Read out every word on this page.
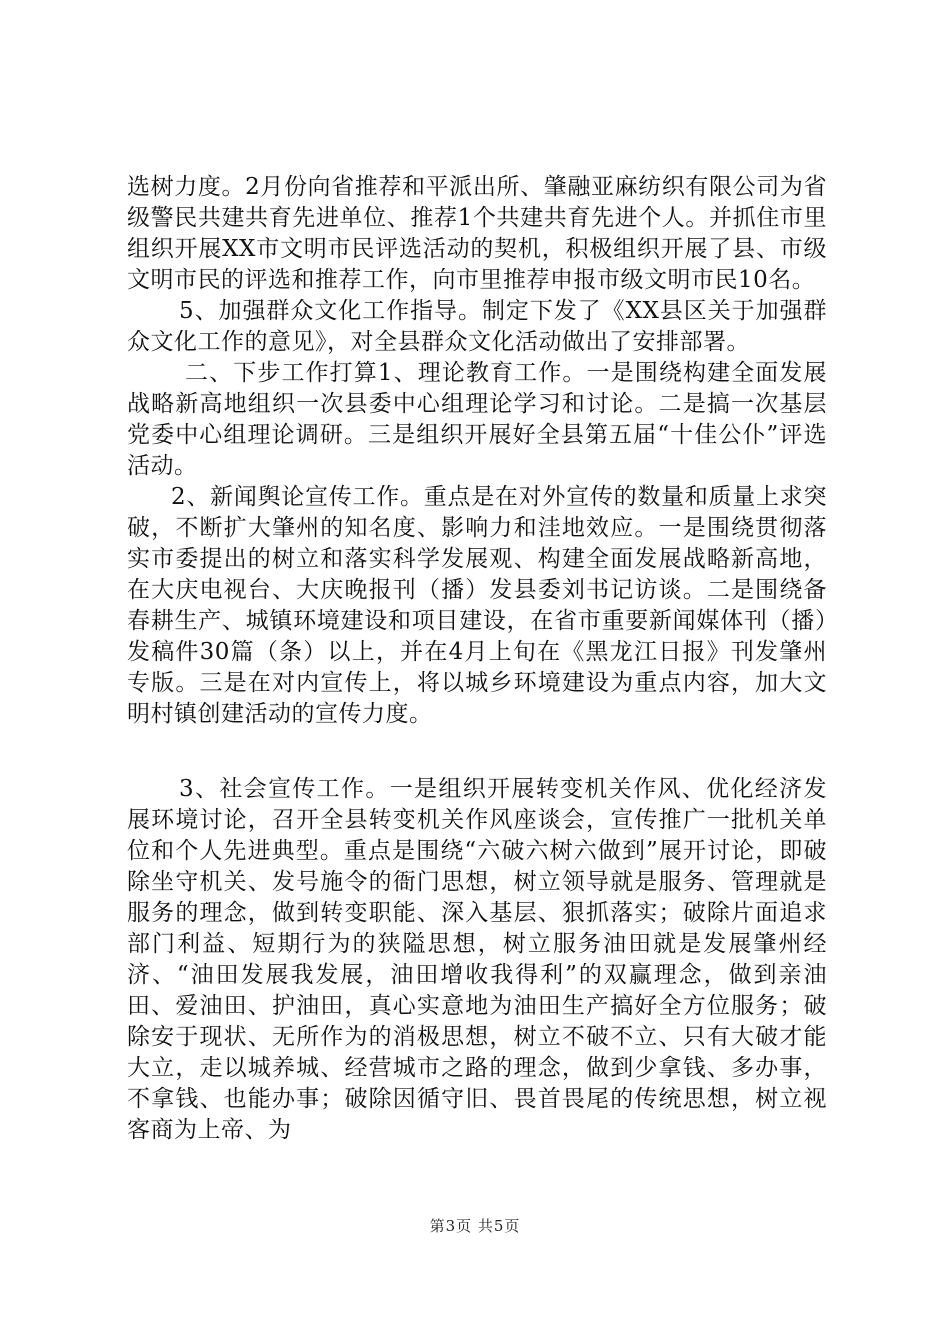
选树力度。2月份向省推荐和平派出所、肇融亚麻纺织有限公司为省级警民共建共育先进单位、推荐1个共建共育先进个人。并抓住市里组织开展XX市文明市民评选活动的契机，积极组织开展了县、市级文明市民的评选和推荐工作，向市里推荐申报市级文明市民10名。

5、加强群众文化工作指导。制定下发了《XX县区关于加强群众文化工作的意见》，对全县群众文化活动做出了安排部署。

二、下步工作打算1、理论教育工作。一是围绕构建全面发展战略新高地组织一次县委中心组理论学习和讨论。二是搞一次基层党委中心组理论调研。三是组织开展好全县第五届“十佳公仆”评选活动。

2、新闻舆论宣传工作。重点是在对外宣传的数量和质量上求突破，不断扩大肇州的知名度、影响力和洼地效应。一是围绕贯彻落实市委提出的树立和落实科学发展观、构建全面发展战略新高地，在大庆电视台、大庆晚报刊（播）发县委刘书记访谈。二是围绕备春耕生产、城镇环境建设和项目建设，在省市重要新闻媒体刊（播）发稿件30篇（条）以上，并在4月上旬在《黑龙江日报》刊发肇州专版。三是在对内宣传上，将以城乡环境建设为重点内容，加大文明村镇创建活动的宣传力度。

3、社会宣传工作。一是组织开展转变机关作风、优化经济发展环境讨论，召开全县转变机关作风座谈会，宣传推广一批机关单位和个人先进典型。重点是围绕“六破六树六做到”展开讨论，即破除坐守机关、发号施令的衙门思想，树立领导就是服务、管理就是服务的理念，做到转变职能、深入基层、狠抓落实；破除片面追求部门利益、短期行为的狭隘思想，树立服务油田就是发展肇州经济、“油田发展我发展，油田增收我得利”的双赢理念，做到亲油田、爱油田、护油田，真心实意地为油田生产搞好全方位服务；破除安于现状、无所作为的消极思想，树立不破不立、只有大破才能大立，走以城养城、经营城市之路的理念，做到少拿钱、多办事，不拿钱、也能办事；破除因循守旧、畏首畏尾的传统思想，树立视客商为上帝、为

第3页 共5页
